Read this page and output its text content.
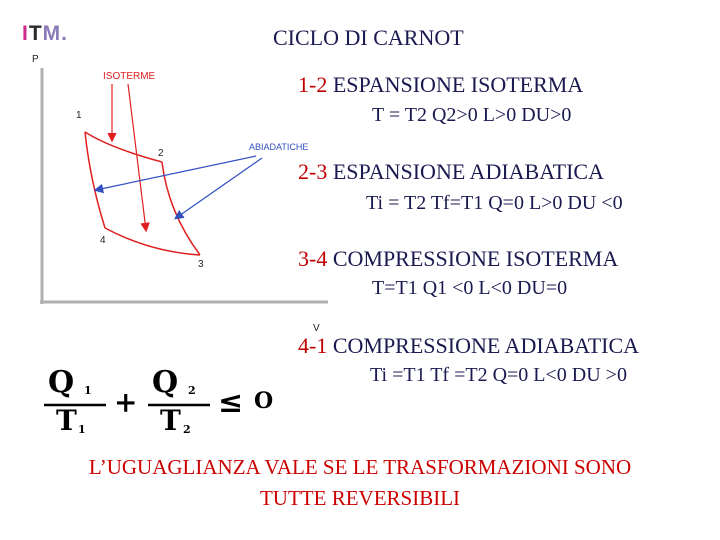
ITM.	CICLO DI CARNOT
P
V
1
2
3
4
ISOTERME
ABIADATICHE
Q 1
T 1
+
Q 2
T 2
≤ O
1-2 ESPANSIONE ISOTERMA
T = T2 Q2>0 L>0 DU>0
2-3 ESPANSIONE ADIABATICA
Ti = T2 Tf=T1 Q=0 L>0 DU <0
3-4 COMPRESSIONE ISOTERMA
T=T1 Q1 <0 L<0 DU=0
4-1 COMPRESSIONE ADIABATICA
Ti =T1 Tf =T2 Q=0 L<0 DU >0
L’UGUAGLIANZA VALE SE LE TRASFORMAZIONI SONO
TUTTE REVERSIBILI
